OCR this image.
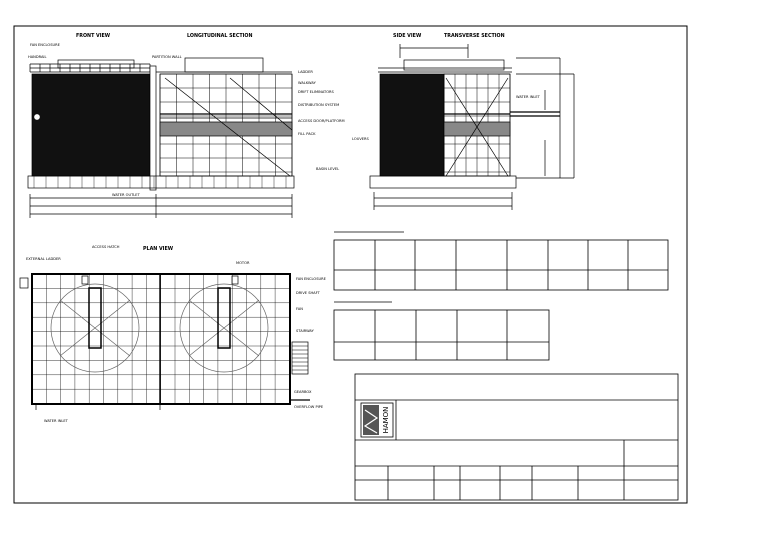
HAMON
FRONT VIEW	LONGITUDINAL SECTION	SIDE VIEW	TRANSVERSE SECTION
PLAN VIEW
FAN ENCLOSURE
HANDRAIL	PARTITION WALL
LADDER
WALKWAY
DRIFT ELIMINATORS
DISTRIBUTION SYSTEM
ACCESS DOOR/PLATFORM
FILL PACK
WATER OUTLET
BASIN LEVEL
LOUVERS
WATER INLET
EXTERNAL LADDER
ACCESS HATCH
MOTOR
FAN ENCLOSURE
DRIVE SHAFT
FAN
STAIRWAY
GEARBOX
OVERFLOW PIPE
WATER INLET
